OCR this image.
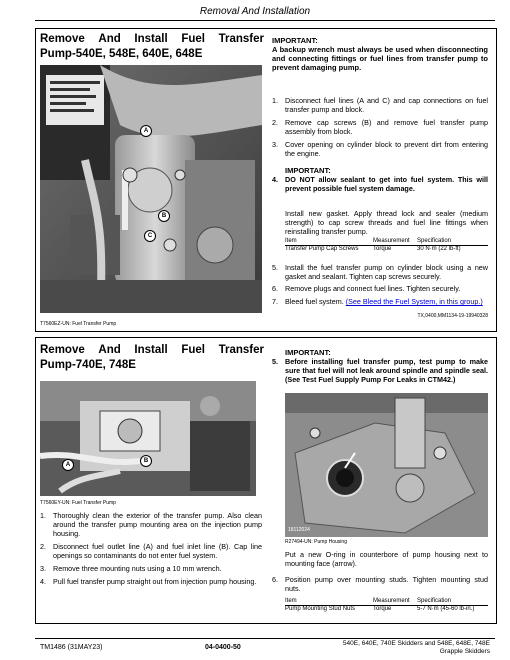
Removal And Installation
Remove And Install Fuel Transfer
Pump-540E, 548E, 640E, 648E
A
B
C
T7560EZ-UN: Fuel Transfer Pump
IMPORTANT:
A backup wrench must always be used when disconnecting and connecting fittings or fuel lines from transfer pump to prevent damaging pump.
1. Disconnect fuel lines (A and C) and cap connections on fuel transfer pump and block.
2. Remove cap screws (B) and remove fuel transfer pump assembly from block.
3. Cover opening on cylinder block to prevent dirt from entering the engine.
IMPORTANT:
4. DO NOT allow sealant to get into fuel system. This will prevent possible fuel system damage.
Install new gasket. Apply thread lock and sealer (medium strength) to cap screw threads and fuel line fittings when reinstalling transfer pump.
Item	Measurement	Specification
Transfer Pump Cap Screws	Torque	30 N·m (22 lb-ft)
5. Install the fuel transfer pump on cylinder block using a new gasket and sealant. Tighten cap screws securely.
6. Remove plugs and connect fuel lines. Tighten securely.
7. Bleed fuel system. (See Bleed the Fuel System, in this group.)
TX,0400,MM1134-19-19940328
Remove And Install Fuel Transfer
Pump-740E, 748E
A
B
T7560EY-UN: Fuel Transfer Pump
1. Thoroughly clean the exterior of the transfer pump. Also clean around the transfer pump mounting area on the injection pump housing.
2. Disconnect fuel outlet line (A) and fuel inlet line (B). Cap line openings so contaminants do not enter fuel system.
3. Remove three mounting nuts using a 10 mm wrench.
4. Pull fuel transfer pump straight out from injection pump housing.
IMPORTANT:
5. Before installing fuel transfer pump, test pump to make sure that fuel will not leak around spindle and spindle seal. (See Test Fuel Supply Pump For Leaks in CTM42.)
18112024
R27494-UN: Pump Housing
Put a new O-ring in counterbore of pump housing next to mounting face (arrow).
6. Position pump over mounting studs. Tighten mounting stud nuts.
Item	Measurement	Specification
Pump Mounting Stud Nuts	Torque	5-7 N·m (45-60 lb-in.)
TM1486 (31MAY23)	04-0400-50
540E, 640E, 740E Skidders and 548E, 648E, 748E
Grapple Skidders
